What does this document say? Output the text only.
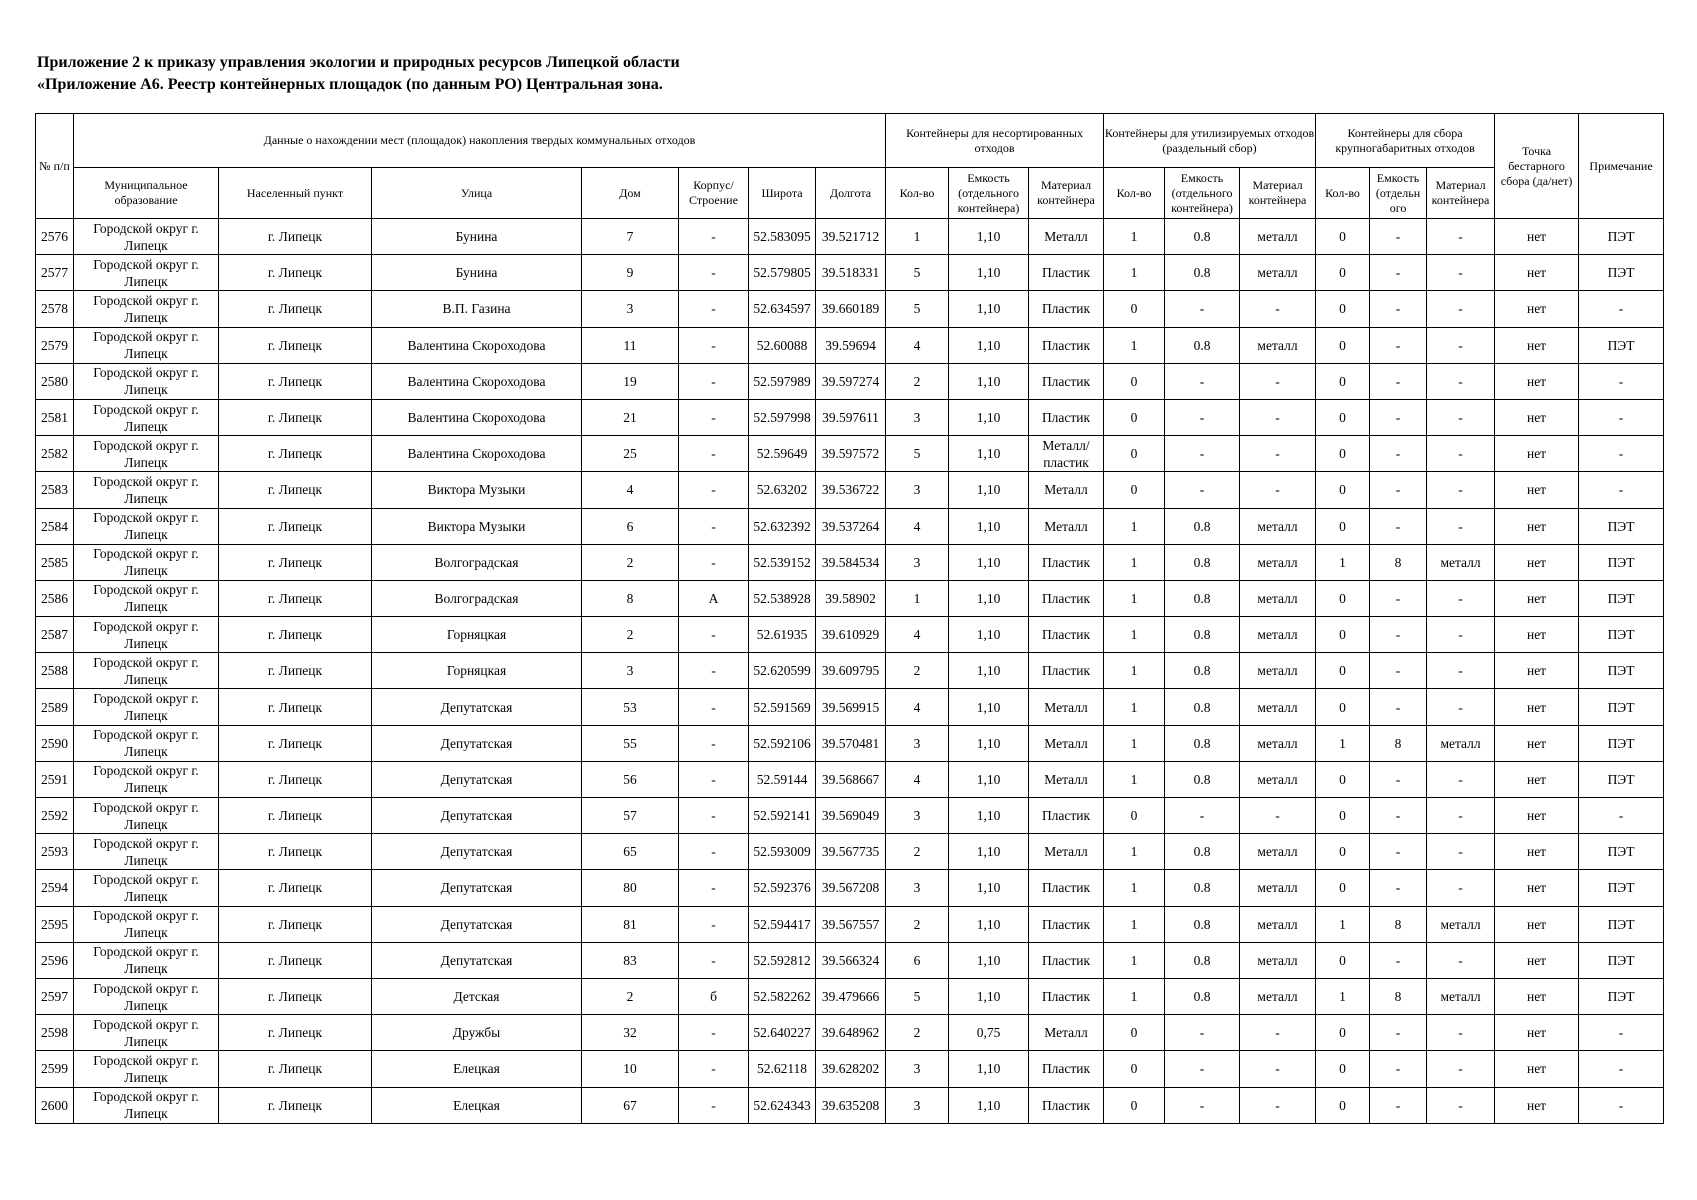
Приложение 2 к приказу управления экологии и природных ресурсов Липецкой области
«Приложение А6. Реестр контейнерных площадок (по данным РО) Центральная зона.
№ п/п	Данные о нахождении мест (площадок) накопления твердых коммунальных отходов							Контейнеры для несортированных отходов			Контейнеры для утилизируемых отходов (раздельный сбор)			Контейнеры для сбора крупногабаритных отходов			Точка бестарного сбора (да/нет)	Примечание
	Муниципальное образование	Населенный пункт	Улица	Дом	Корпус/ Строение	Широта	Долгота	Кол-во	Емкость (отдельного контейнера)	Материал контейнера	Кол-во	Емкость (отдельного контейнера)	Материал контейнера	Кол-во	Емкость (отдельн ого	Материал контейнера		
2576	Городской округ г. Липецк	г. Липецк	Бунина	7	-	52.583095	39.521712	1	1,10	Металл	1	0.8	металл	0	-	-	нет	ПЭТ
2577	Городской округ г. Липецк	г. Липецк	Бунина	9	-	52.579805	39.518331	5	1,10	Пластик	1	0.8	металл	0	-	-	нет	ПЭТ
2578	Городской округ г. Липецк	г. Липецк	В.П. Газина	3	-	52.634597	39.660189	5	1,10	Пластик	0	-	-	0	-	-	нет	-
2579	Городской округ г. Липецк	г. Липецк	Валентина Скороходова	11	-	52.60088	39.59694	4	1,10	Пластик	1	0.8	металл	0	-	-	нет	ПЭТ
2580	Городской округ г. Липецк	г. Липецк	Валентина Скороходова	19	-	52.597989	39.597274	2	1,10	Пластик	0	-	-	0	-	-	нет	-
2581	Городской округ г. Липецк	г. Липецк	Валентина Скороходова	21	-	52.597998	39.597611	3	1,10	Пластик	0	-	-	0	-	-	нет	-
2582	Городской округ г. Липецк	г. Липецк	Валентина Скороходова	25	-	52.59649	39.597572	5	1,10	Металл/пластик	0	-	-	0	-	-	нет	-
2583	Городской округ г. Липецк	г. Липецк	Виктора Музыки	4	-	52.63202	39.536722	3	1,10	Металл	0	-	-	0	-	-	нет	-
2584	Городской округ г. Липецк	г. Липецк	Виктора Музыки	6	-	52.632392	39.537264	4	1,10	Металл	1	0.8	металл	0	-	-	нет	ПЭТ
2585	Городской округ г. Липецк	г. Липецк	Волгоградская	2	-	52.539152	39.584534	3	1,10	Пластик	1	0.8	металл	1	8	металл	нет	ПЭТ
2586	Городской округ г. Липецк	г. Липецк	Волгоградская	8	А	52.538928	39.58902	1	1,10	Пластик	1	0.8	металл	0	-	-	нет	ПЭТ
2587	Городской округ г. Липецк	г. Липецк	Горняцкая	2	-	52.61935	39.610929	4	1,10	Пластик	1	0.8	металл	0	-	-	нет	ПЭТ
2588	Городской округ г. Липецк	г. Липецк	Горняцкая	3	-	52.620599	39.609795	2	1,10	Пластик	1	0.8	металл	0	-	-	нет	ПЭТ
2589	Городской округ г. Липецк	г. Липецк	Депутатская	53	-	52.591569	39.569915	4	1,10	Металл	1	0.8	металл	0	-	-	нет	ПЭТ
2590	Городской округ г. Липецк	г. Липецк	Депутатская	55	-	52.592106	39.570481	3	1,10	Металл	1	0.8	металл	1	8	металл	нет	ПЭТ
2591	Городской округ г. Липецк	г. Липецк	Депутатская	56	-	52.59144	39.568667	4	1,10	Металл	1	0.8	металл	0	-	-	нет	ПЭТ
2592	Городской округ г. Липецк	г. Липецк	Депутатская	57	-	52.592141	39.569049	3	1,10	Пластик	0	-	-	0	-	-	нет	-
2593	Городской округ г. Липецк	г. Липецк	Депутатская	65	-	52.593009	39.567735	2	1,10	Металл	1	0.8	металл	0	-	-	нет	ПЭТ
2594	Городской округ г. Липецк	г. Липецк	Депутатская	80	-	52.592376	39.567208	3	1,10	Пластик	1	0.8	металл	0	-	-	нет	ПЭТ
2595	Городской округ г. Липецк	г. Липецк	Депутатская	81	-	52.594417	39.567557	2	1,10	Пластик	1	0.8	металл	1	8	металл	нет	ПЭТ
2596	Городской округ г. Липецк	г. Липецк	Депутатская	83	-	52.592812	39.566324	6	1,10	Пластик	1	0.8	металл	0	-	-	нет	ПЭТ
2597	Городской округ г. Липецк	г. Липецк	Детская	2	б	52.582262	39.479666	5	1,10	Пластик	1	0.8	металл	1	8	металл	нет	ПЭТ
2598	Городской округ г. Липецк	г. Липецк	Дружбы	32	-	52.640227	39.648962	2	0,75	Металл	0	-	-	0	-	-	нет	-
2599	Городской округ г. Липецк	г. Липецк	Елецкая	10	-	52.62118	39.628202	3	1,10	Пластик	0	-	-	0	-	-	нет	-
2600	Городской округ г. Липецк	г. Липецк	Елецкая	67	-	52.624343	39.635208	3	1,10	Пластик	0	-	-	0	-	-	нет	-
